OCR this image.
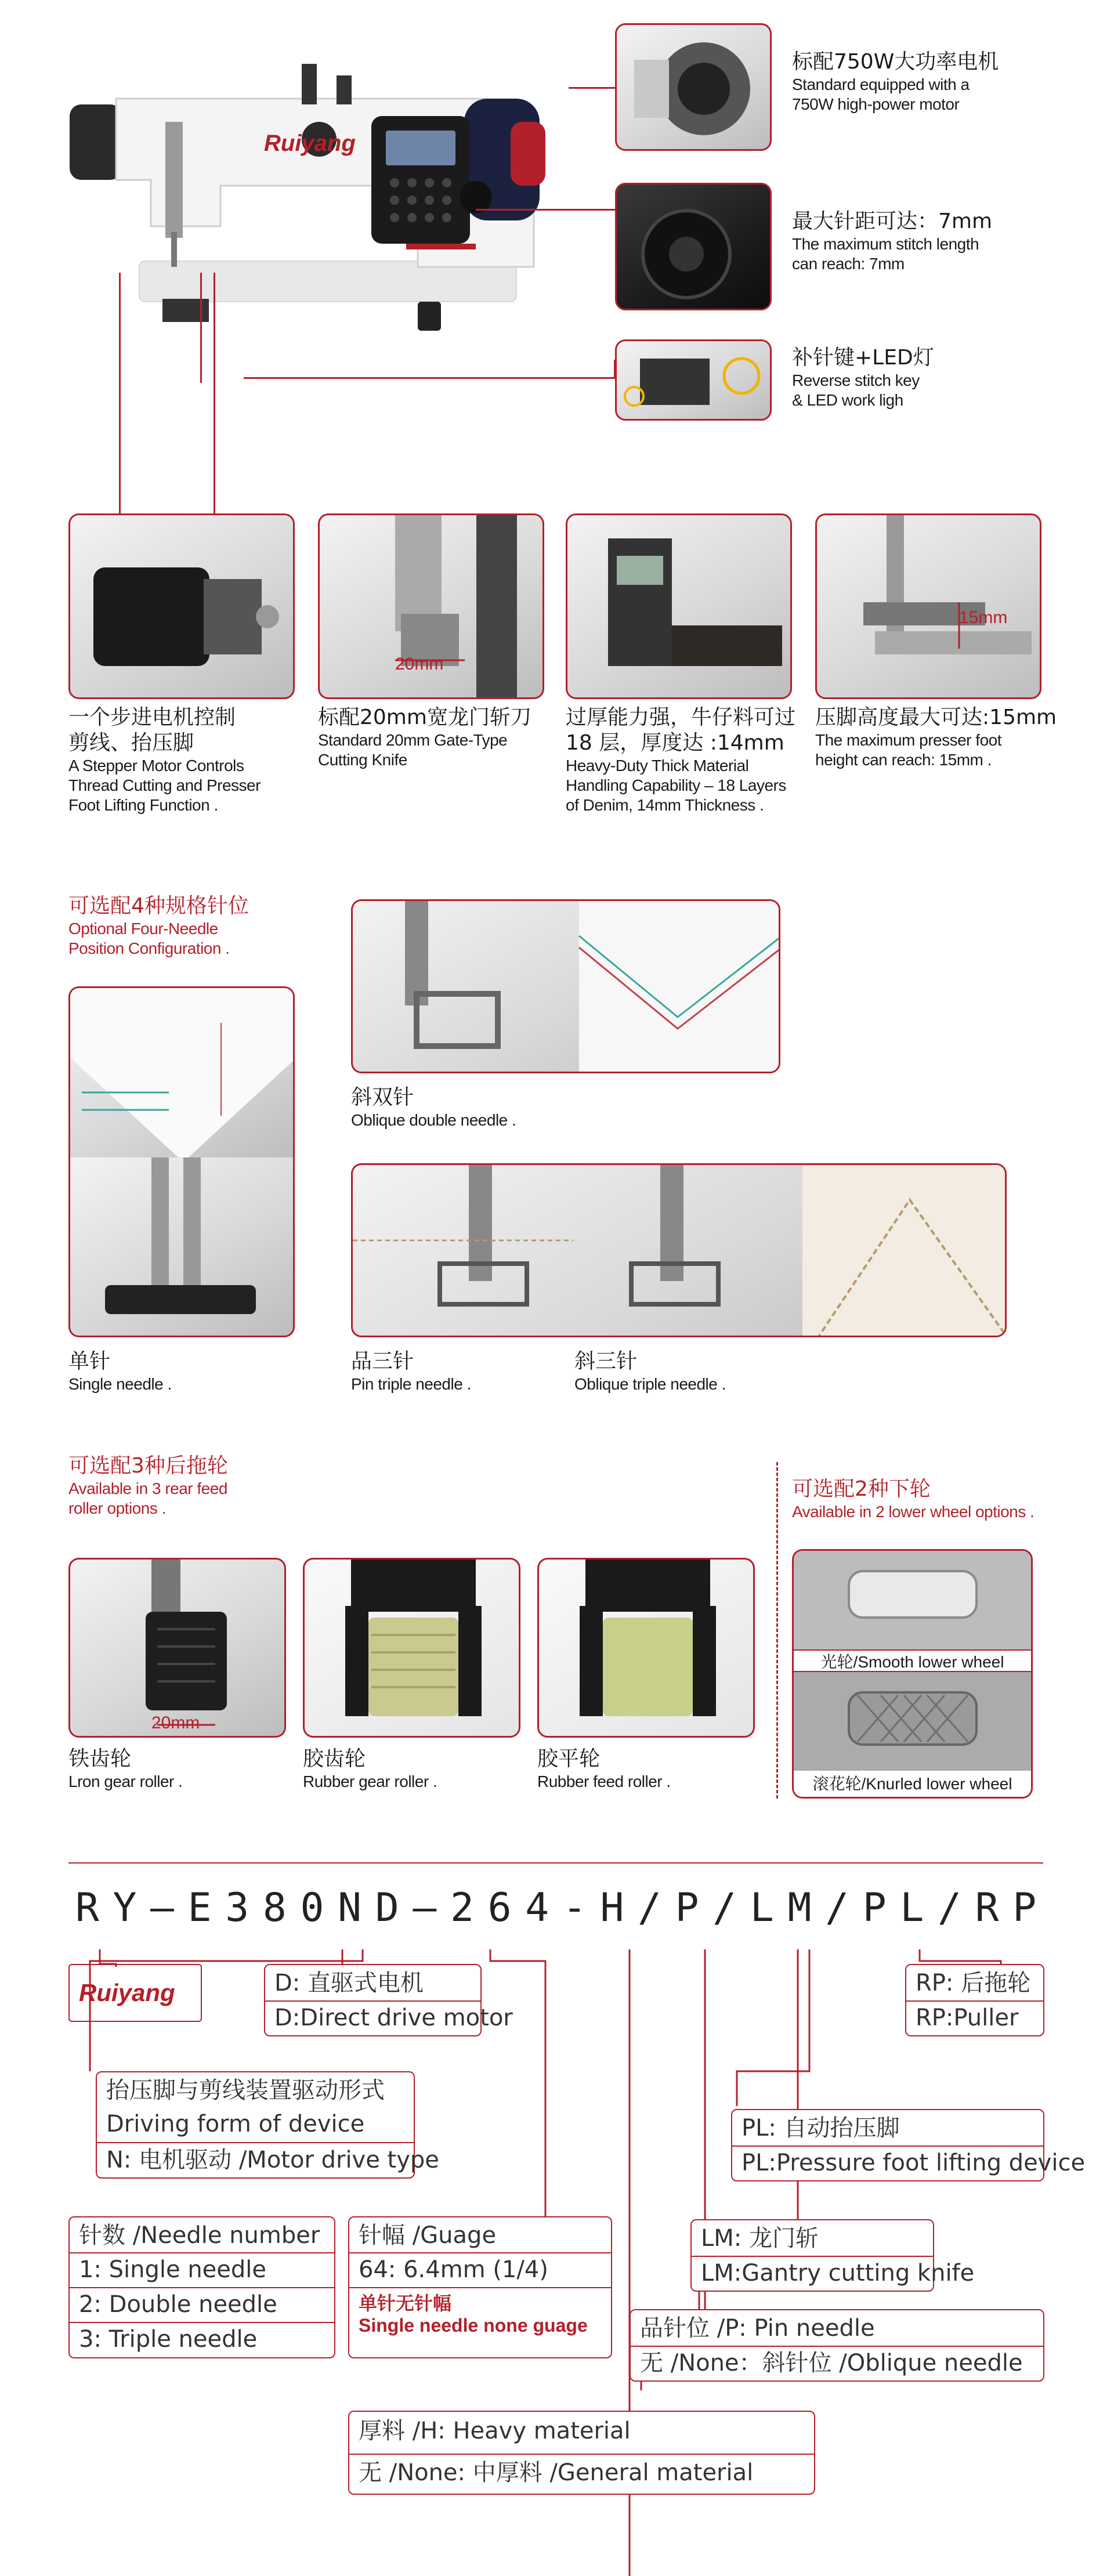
Ruiyang
标配750W大功率电机
Standard equipped with a
750W high-power motor
最大针距可达：7mm
The maximum stitch length
can reach: 7mm
补针键+LED灯
Reverse stitch key
& LED work ligh
20mm
15mm
一个步进电机控制
剪线、抬压脚
A Stepper Motor Controls
Thread Cutting and Presser
Foot Lifting Function .
标配20mm宽龙门斩刀
Standard 20mm Gate-Type
Cutting Knife
过厚能力强，牛仔料可过
18 层，厚度达 :14mm
Heavy-Duty Thick Material
Handling Capability – 18 Layers
of Denim, 14mm Thickness .
压脚高度最大可达:15mm
The maximum presser foot
height can reach: 15mm .
可选配4种规格针位
Optional Four-Needle
Position Configuration .
斜双针
Oblique double needle .
单针
Single needle .
品三针
Pin triple needle .
斜三针
Oblique triple needle .
可选配3种后拖轮
Available in 3 rear feed
roller options .
可选配2种下轮
Available in 2 lower wheel options .
20mm
光轮/Smooth lower wheel
滚花轮/Knurled lower wheel
铁齿轮
Lron gear roller .
胶齿轮
Rubber gear roller .
胶平轮
Rubber feed roller .
R Y — E 3 8 0 N D — 2 6 4 - H / P / L M / P L / R P
Ruiyang	D: 直驱式电机
D:Direct drive motor
抬压脚与剪线装置驱动形式
Driving form of device
N: 电机驱动 /Motor drive type
RP: 后拖轮
RP:Puller
PL: 自动抬压脚
PL:Pressure foot lifting device
针数 /Needle number
1: Single needle
2: Double needle
3: Triple needle
针幅 /Guage
64: 6.4mm (1/4)
单针无针幅
Single needle none guage
LM: 龙门斩
LM:Gantry cutting knife
品针位 /P: Pin needle
无 /None：斜针位 /Oblique needle
厚料 /H: Heavy material
无 /None: 中厚料 /General material
